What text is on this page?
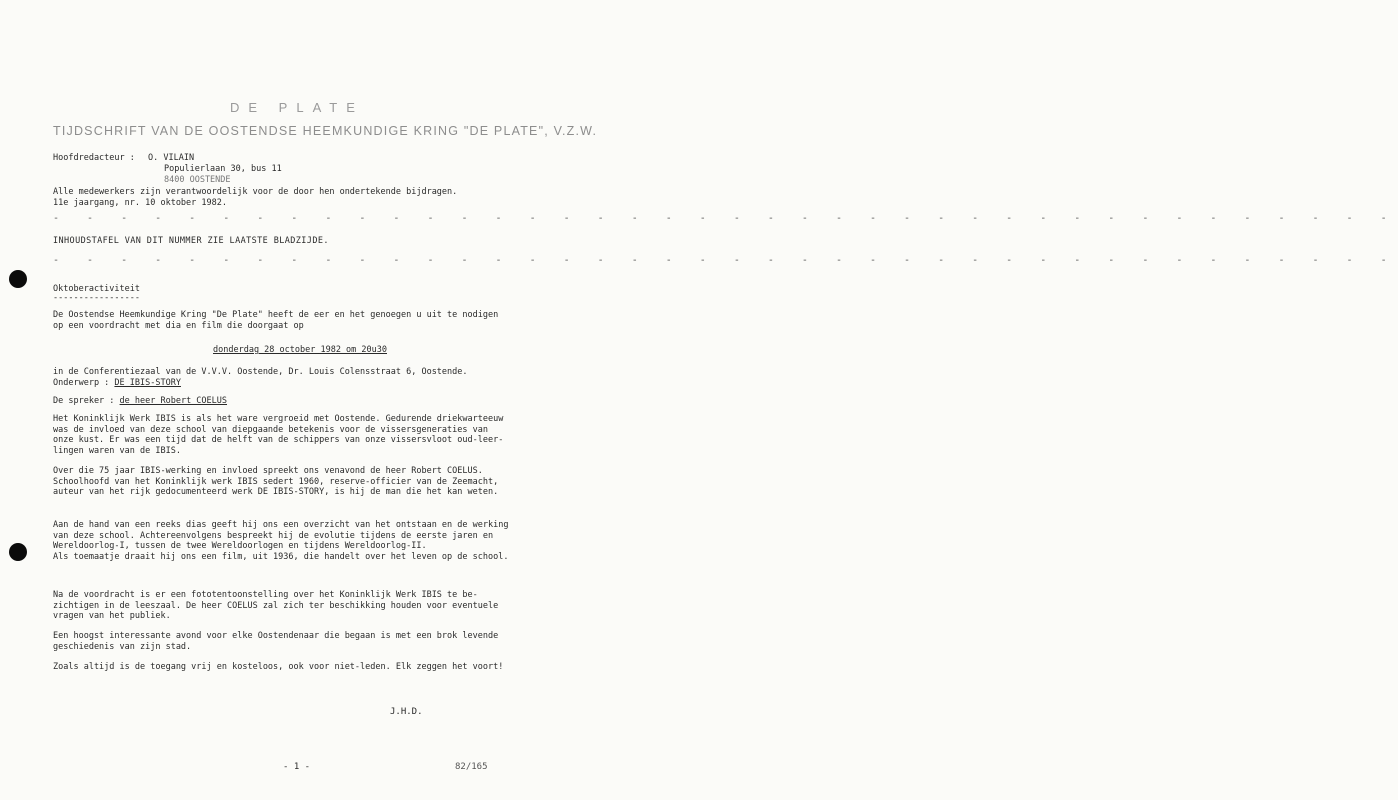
DE PLATE
TIJDSCHRIFT VAN DE OOSTENDSE HEEMKUNDIGE KRING "DE PLATE", V.Z.W.
Hoofdredacteur : O. VILAIN
Populierlaan 30, bus 11
8400 OOSTENDE
Alle medewerkers zijn verantwoordelijk voor de door hen ondertekende bijdragen.
11e jaargang, nr. 10 oktober 1982.
- - - - - - - - - - - - - - - - - - - - - - - - - - - - - - - - - - - - - - - -
INHOUDSTAFEL VAN DIT NUMMER ZIE LAATSTE BLADZIJDE.
- - - - - - - - - - - - - - - - - - - - - - - - - - - - - - - - - - - - - - - -
Oktoberactiviteit
-----------------
De Oostendse Heemkundige Kring "De Plate" heeft de eer en het genoegen u uit te nodigen
op een voordracht met dia en film die doorgaat op
donderdag 28 october 1982 om 20u30
in de Conferentiezaal van de V.V.V. Oostende, Dr. Louis Colensstraat 6, Oostende.
Onderwerp : DE IBIS-STORY
De spreker : de heer Robert COELUS
Het Koninklijk Werk IBIS is als het ware vergroeid met Oostende. Gedurende driekwarteeuw
was de invloed van deze school van diepgaande betekenis voor de vissersgeneraties van
onze kust. Er was een tijd dat de helft van de schippers van onze vissersvloot oud-leer-
lingen waren van de IBIS.
Over die 75 jaar IBIS-werking en invloed spreekt ons venavond de heer Robert COELUS.
Schoolhoofd van het Koninklijk werk IBIS sedert 1960, reserve-officier van de Zeemacht,
auteur van het rijk gedocumenteerd werk DE IBIS-STORY, is hij de man die het kan weten.
Aan de hand van een reeks dias geeft hij ons een overzicht van het ontstaan en de werking
van deze school. Achtereenvolgens bespreekt hij de evolutie tijdens de eerste jaren en
Wereldoorlog-I, tussen de twee Wereldoorlogen en tijdens Wereldoorlog-II.
Als toemaatje draait hij ons een film, uit 1936, die handelt over het leven op de school.
Na de voordracht is er een fototentoonstelling over het Koninklijk Werk IBIS te be-
zichtigen in de leeszaal. De heer COELUS zal zich ter beschikking houden voor eventuele
vragen van het publiek.
Een hoogst interessante avond voor elke Oostendenaar die begaan is met een brok levende
geschiedenis van zijn stad.
Zoals altijd is de toegang vrij en kosteloos, ook voor niet-leden. Elk zeggen het voort!
J.H.D.
- 1 -	82/165
